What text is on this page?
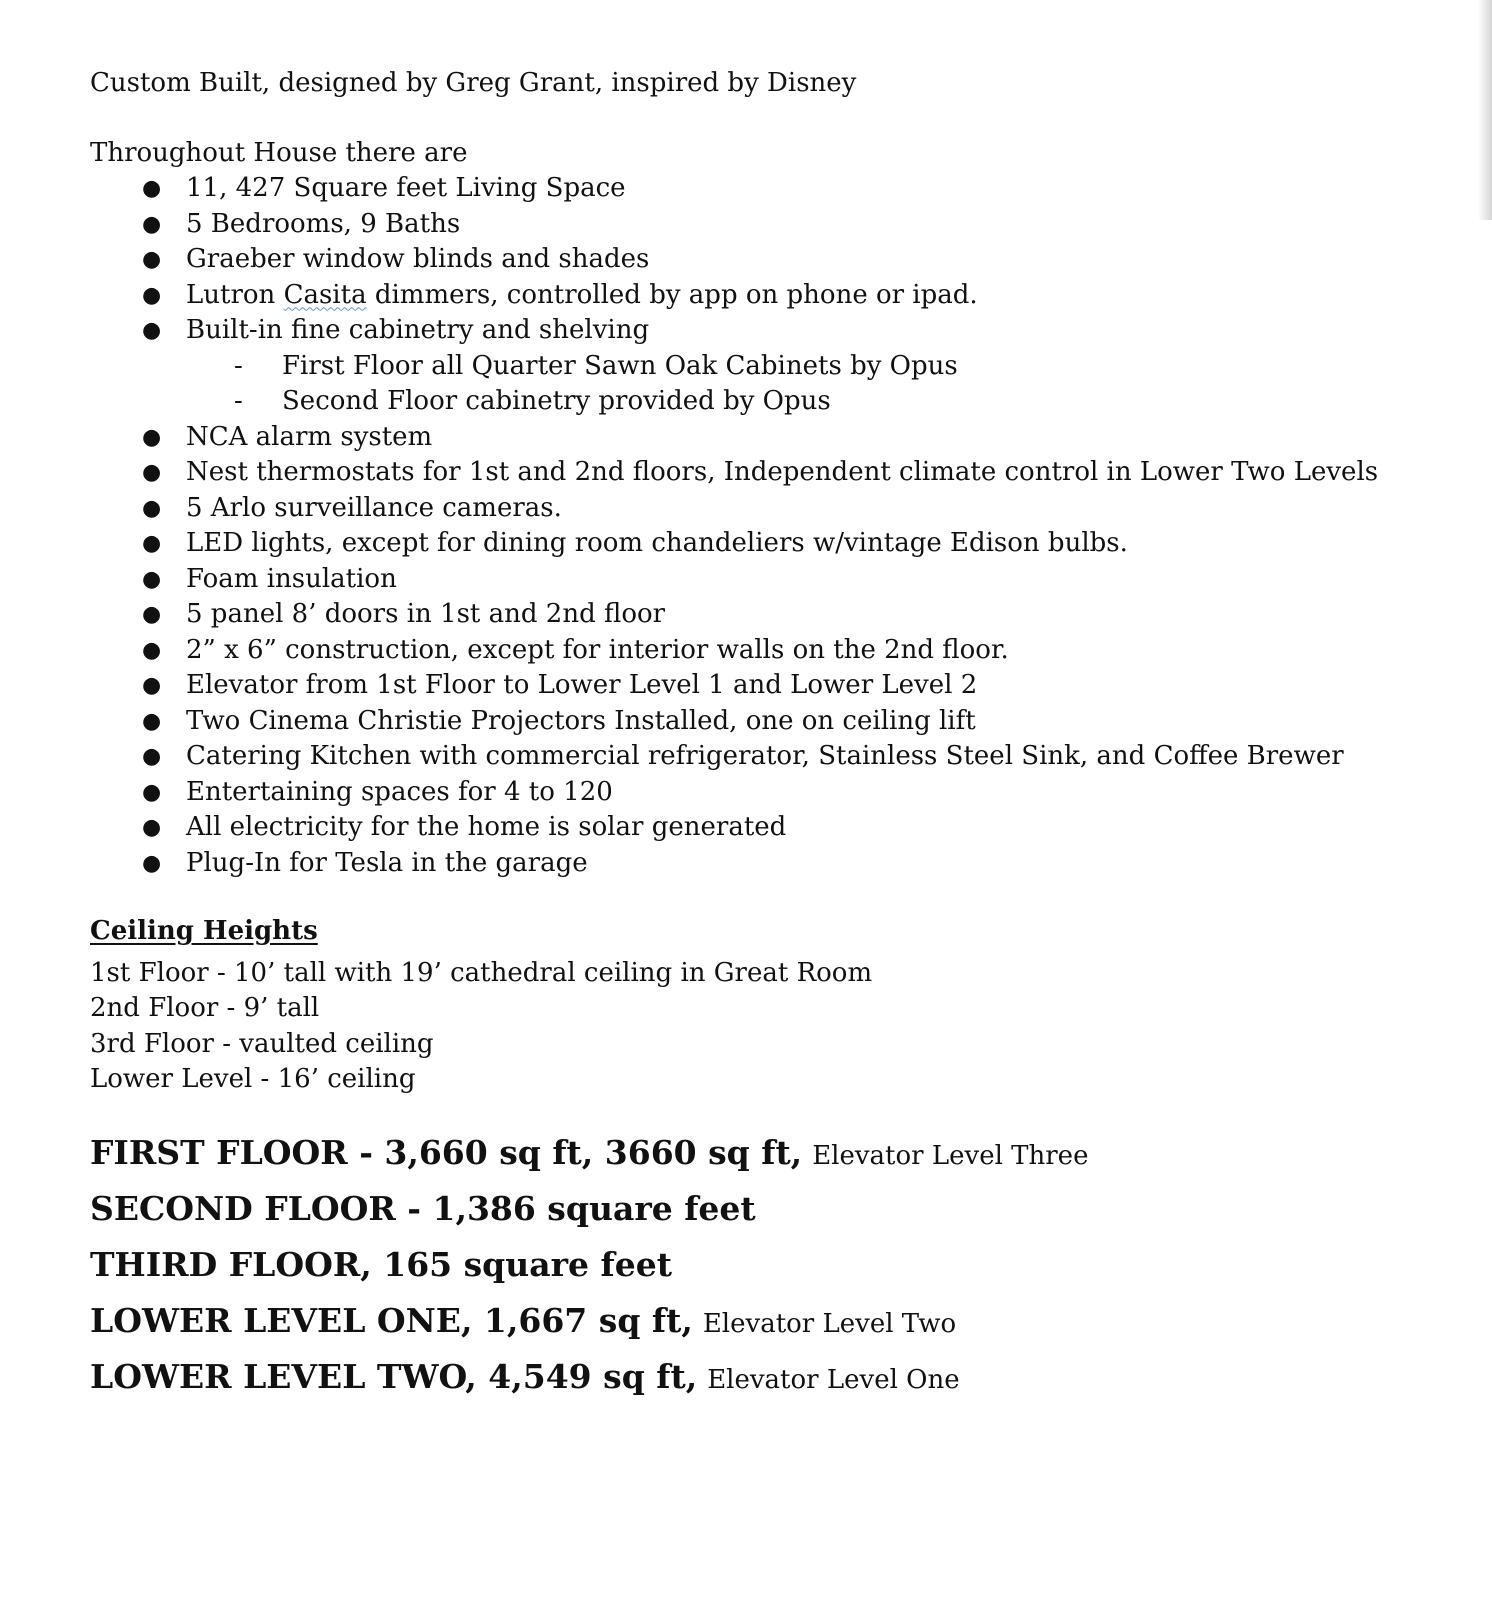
Custom Built, designed by Greg Grant, inspired by Disney
Throughout House there are
● 11, 427 Square feet Living Space
● 5 Bedrooms, 9 Baths
● Graeber window blinds and shades
● Lutron Casita dimmers, controlled by app on phone or ipad.
● Built-in fine cabinetry and shelving
- First Floor all Quarter Sawn Oak Cabinets by Opus
- Second Floor cabinetry provided by Opus
● NCA alarm system
● Nest thermostats for 1st and 2nd floors, Independent climate control in Lower Two Levels
● 5 Arlo surveillance cameras.
● LED lights, except for dining room chandeliers w/vintage Edison bulbs.
● Foam insulation
● 5 panel 8’ doors in 1st and 2nd floor
● 2” x 6” construction, except for interior walls on the 2nd floor.
● Elevator from 1st Floor to Lower Level 1 and Lower Level 2
● Two Cinema Christie Projectors Installed, one on ceiling lift
● Catering Kitchen with commercial refrigerator, Stainless Steel Sink, and Coffee Brewer
● Entertaining spaces for 4 to 120
● All electricity for the home is solar generated
● Plug-In for Tesla in the garage
Ceiling Heights
1st Floor - 10’ tall with 19’ cathedral ceiling in Great Room
2nd Floor - 9’ tall
3rd Floor - vaulted ceiling
Lower Level - 16’ ceiling
FIRST FLOOR - 3,660 sq ft, 3660 sq ft, Elevator Level Three
SECOND FLOOR - 1,386 square feet
THIRD FLOOR, 165 square feet
LOWER LEVEL ONE, 1,667 sq ft, Elevator Level Two
LOWER LEVEL TWO, 4,549 sq ft, Elevator Level One
